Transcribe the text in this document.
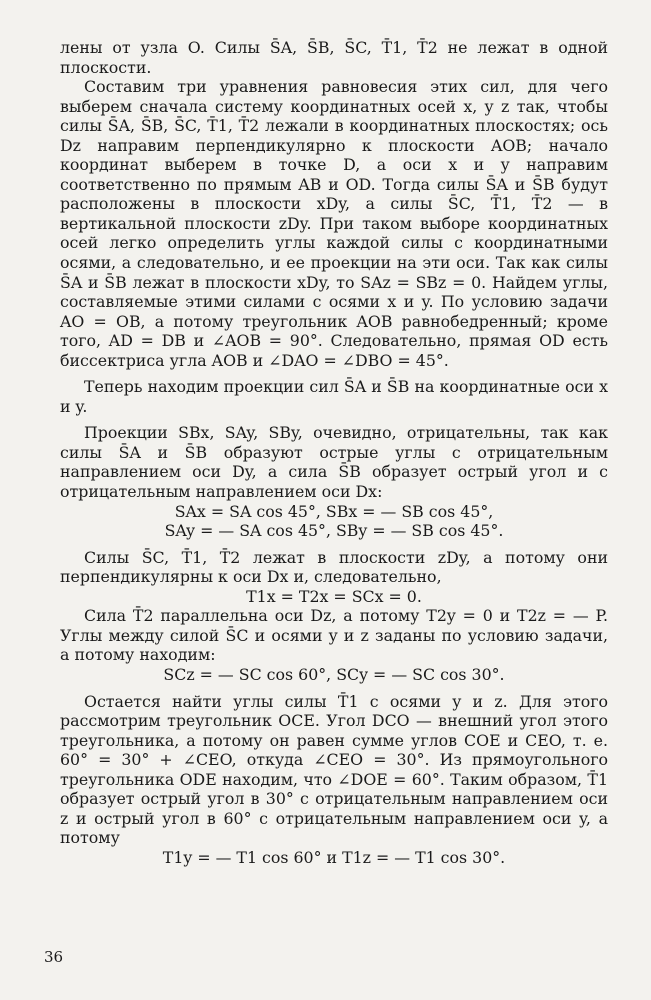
лены от узла O. Силы S̄A, S̄B, S̄C, T̄1, T̄2 не лежат в одной плоскости.

Составим три уравнения равновесия этих сил, для чего выберем сначала систему координатных осей x, y z так, чтобы силы S̄A, S̄B, S̄C, T̄1, T̄2 лежали в координатных плоскостях; ось Dz направим перпендикулярно к плоскости AOB; начало координат выберем в точке D, а оси x и y направим соответственно по прямым AB и OD. Тогда силы S̄A и S̄B будут расположены в плоскости xDy, а силы S̄C, T̄1, T̄2 — в вертикальной плоскости zDy. При таком выборе координатных осей легко определить углы каждой силы с координатными осями, а следовательно, и ее проекции на эти оси. Так как силы S̄A и S̄B лежат в плоскости xDy, то SAz = SBz = 0. Найдем углы, составляемые этими силами с осями x и y. По условию задачи AO = OB, а потому треугольник AOB равнобедренный; кроме того, AD = DB и ∠AOB = 90°. Следовательно, прямая OD есть биссектриса угла AOB и ∠DAO = ∠DBO = 45°.

Теперь находим проекции сил S̄A и S̄B на координатные оси x и y.

Проекции SBx, SAy, SBy, очевидно, отрицательны, так как силы S̄A и S̄B образуют острые углы с отрицательным направлением оси Dy, а сила S̄B образует острый угол и с отрицательным направлением оси Dx:

SAx = SA cos 45°, SBx = — SB cos 45°,

SAy = — SA cos 45°, SBy = — SB cos 45°.

Силы S̄C, T̄1, T̄2 лежат в плоскости zDy, а потому они перпендикулярны к оси Dx и, следовательно,

T1x = T2x = SCx = 0.

Сила T̄2 параллельна оси Dz, а потому T2y = 0 и T2z = — P. Углы между силой S̄C и осями y и z заданы по условию задачи, а потому находим:

SCz = — SC cos 60°, SCy = — SC cos 30°.

Остается найти углы силы T̄1 с осями y и z. Для этого рассмотрим треугольник OCE. Угол DCO — внешний угол этого треугольника, а потому он равен сумме углов COE и CEO, т. е. 60° = 30° + ∠CEO, откуда ∠CEO = 30°. Из прямоугольного треугольника ODE находим, что ∠DOE = 60°. Таким образом, T̄1 образует острый угол в 30° с отрицательным направлением оси z и острый угол в 60° с отрицательным направлением оси y, а потому

T1y = — T1 cos 60° и T1z = — T1 cos 30°.

36
